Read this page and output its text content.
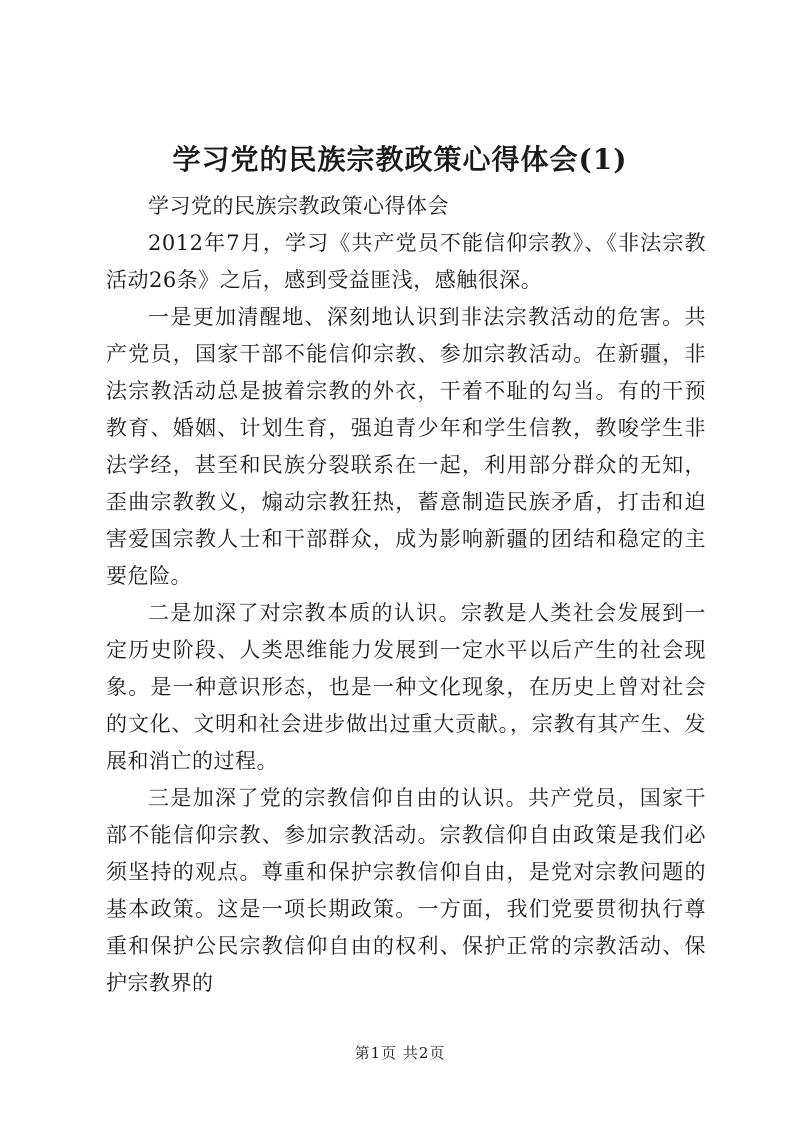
学习党的民族宗教政策心得体会(1)

学习党的民族宗教政策心得体会

2012年7月，学习《共产党员不能信仰宗教》、《非法宗教活动26条》之后，感到受益匪浅，感触很深。

一是更加清醒地、深刻地认识到非法宗教活动的危害。共产党员，国家干部不能信仰宗教、参加宗教活动。在新疆，非法宗教活动总是披着宗教的外衣，干着不耻的勾当。有的干预教育、婚姻、计划生育，强迫青少年和学生信教，教唆学生非法学经，甚至和民族分裂联系在一起，利用部分群众的无知，歪曲宗教教义，煽动宗教狂热，蓄意制造民族矛盾，打击和迫害爱国宗教人士和干部群众，成为影响新疆的团结和稳定的主要危险。

二是加深了对宗教本质的认识。宗教是人类社会发展到一定历史阶段、人类思维能力发展到一定水平以后产生的社会现象。是一种意识形态，也是一种文化现象，在历史上曾对社会的文化、文明和社会进步做出过重大贡献。，宗教有其产生、发展和消亡的过程。

三是加深了党的宗教信仰自由的认识。共产党员，国家干部不能信仰宗教、参加宗教活动。宗教信仰自由政策是我们必须坚持的观点。尊重和保护宗教信仰自由，是党对宗教问题的基本政策。这是一项长期政策。一方面，我们党要贯彻执行尊重和保护公民宗教信仰自由的权利、保护正常的宗教活动、保护宗教界的

第1页 共2页
